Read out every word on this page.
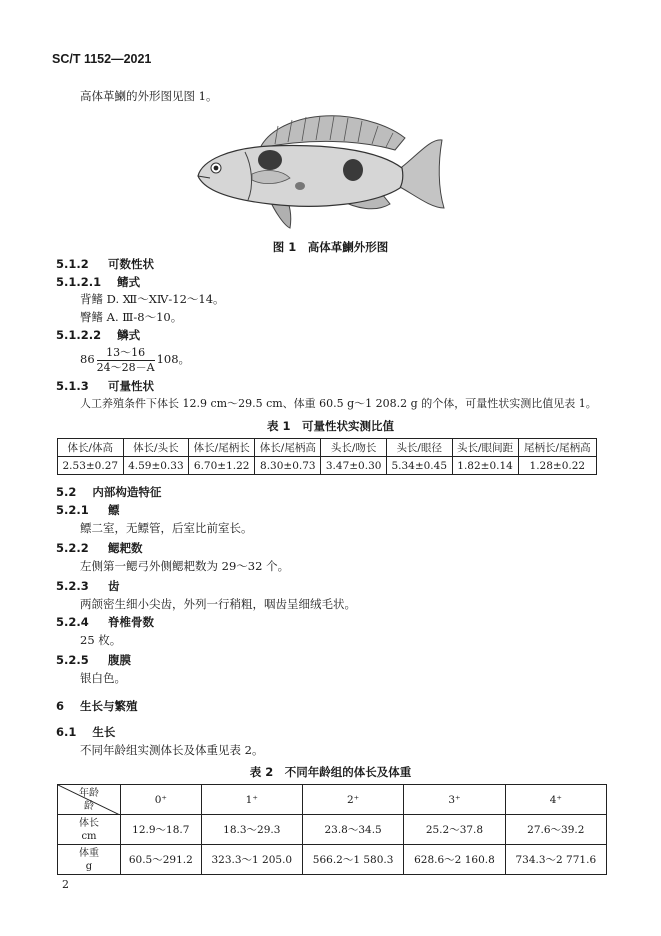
SC/T 1152—2021
高体革鯻的外形图见图 1。
图 1　高体革鯻外形图
5.1.2 可数性状
5.1.2.1 鳍式
背鳍 D. Ⅻ～ⅩⅣ-12～14。
臀鳍 A. Ⅲ-8～10。
5.1.2.2 鳞式
$86 \frac{13\sim 16}{24\sim 28-A} 108$。
5.1.3 可量性状
人工养殖条件下体长 12.9 cm～29.5 cm、体重 60.5 g～1 208.2 g 的个体，可量性状实测比值见表 1。
表 1　可量性状实测比值
体长/体高	体长/头长	体长/尾柄长	体长/尾柄高	头长/吻长	头长/眼径	头长/眼间距	尾柄长/尾柄高
2.53±0.27	4.59±0.33	6.70±1.22	8.30±0.73	3.47±0.30	5.34±0.45	1.82±0.14	1.28±0.22
5.2 内部构造特征
5.2.1 鳔
鳔二室，无鳔管，后室比前室长。
5.2.2 鳃耙数
左侧第一鳃弓外侧鳃耙数为 29～32 个。
5.2.3 齿
两颌密生细小尖齿，外列一行稍粗，咽齿呈细绒毛状。
5.2.4 脊椎骨数
25 枚。
5.2.5 腹膜
银白色。
6 生长与繁殖
6.1 生长
不同年龄组实测体长及体重见表 2。
表 2　不同年龄组的体长及体重
年龄
龄	0⁺	1⁺	2⁺	3⁺	4⁺

体长
cm	12.9～18.7	18.3～29.3	23.8～34.5	25.2～37.8	27.6～39.2

体重
g	60.5～291.2	323.3～1 205.0	566.2～1 580.3	628.6～2 160.8	734.3～2 771.6
2
